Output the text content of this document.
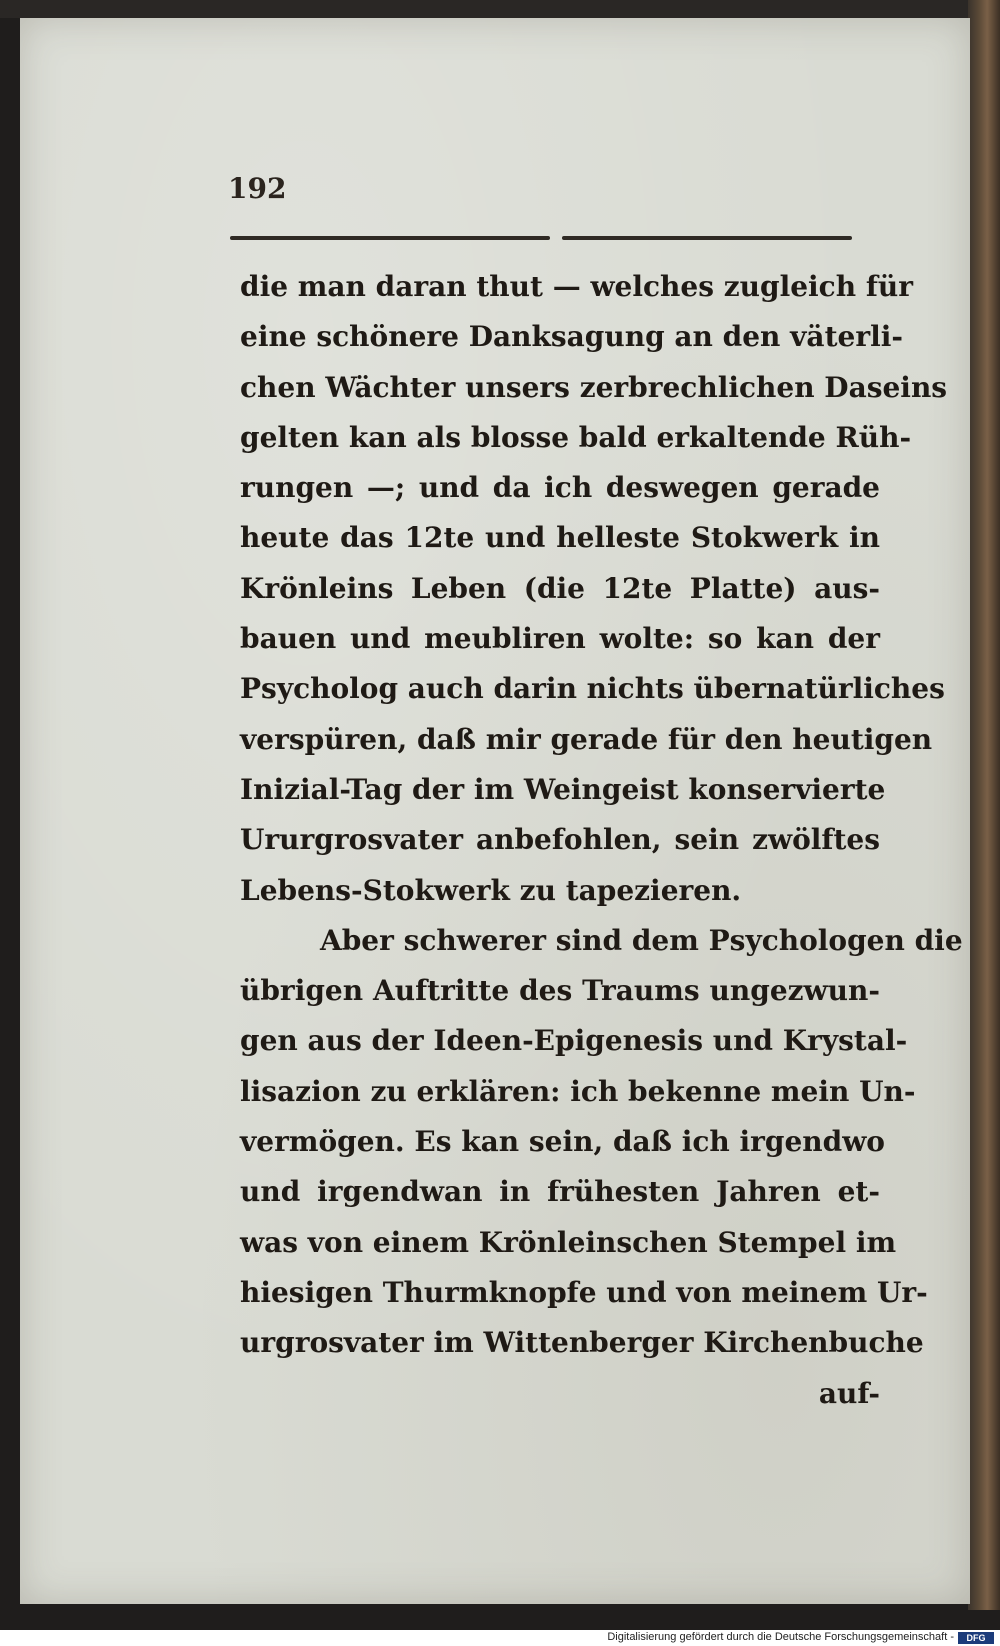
192
die man daran thut — welches zugleich für
eine schönere Danksagung an den väterli-
chen Wächter unsers zerbrechlichen Daseins
gelten kan als blosse bald erkaltende Rüh-
rungen —; und da ich deswegen gerade
heute das 12te und helleste Stokwerk in
Krönleins Leben (die 12te Platte) aus-
bauen und meubliren wolte: so kan der
Psycholog auch darin nichts übernatürliches
verspüren, daß mir gerade für den heutigen
Inizial-Tag der im Weingeist konservierte
Ururgrosvater anbefohlen, sein zwölftes
Lebens-Stokwerk zu tapezieren.
Aber schwerer sind dem Psychologen die
übrigen Auftritte des Traums ungezwun-
gen aus der Ideen-Epigenesis und Krystal-
lisazion zu erklären: ich bekenne mein Un-
vermögen. Es kan sein, daß ich irgendwo
und irgendwan in frühesten Jahren et-
was von einem Krönleinschen Stempel im
hiesigen Thurmknopfe und von meinem Ur-
urgrosvater im Wittenberger Kirchenbuche
auf-
Digitalisierung gefördert durch die Deutsche Forschungsgemeinschaft -	DFG
